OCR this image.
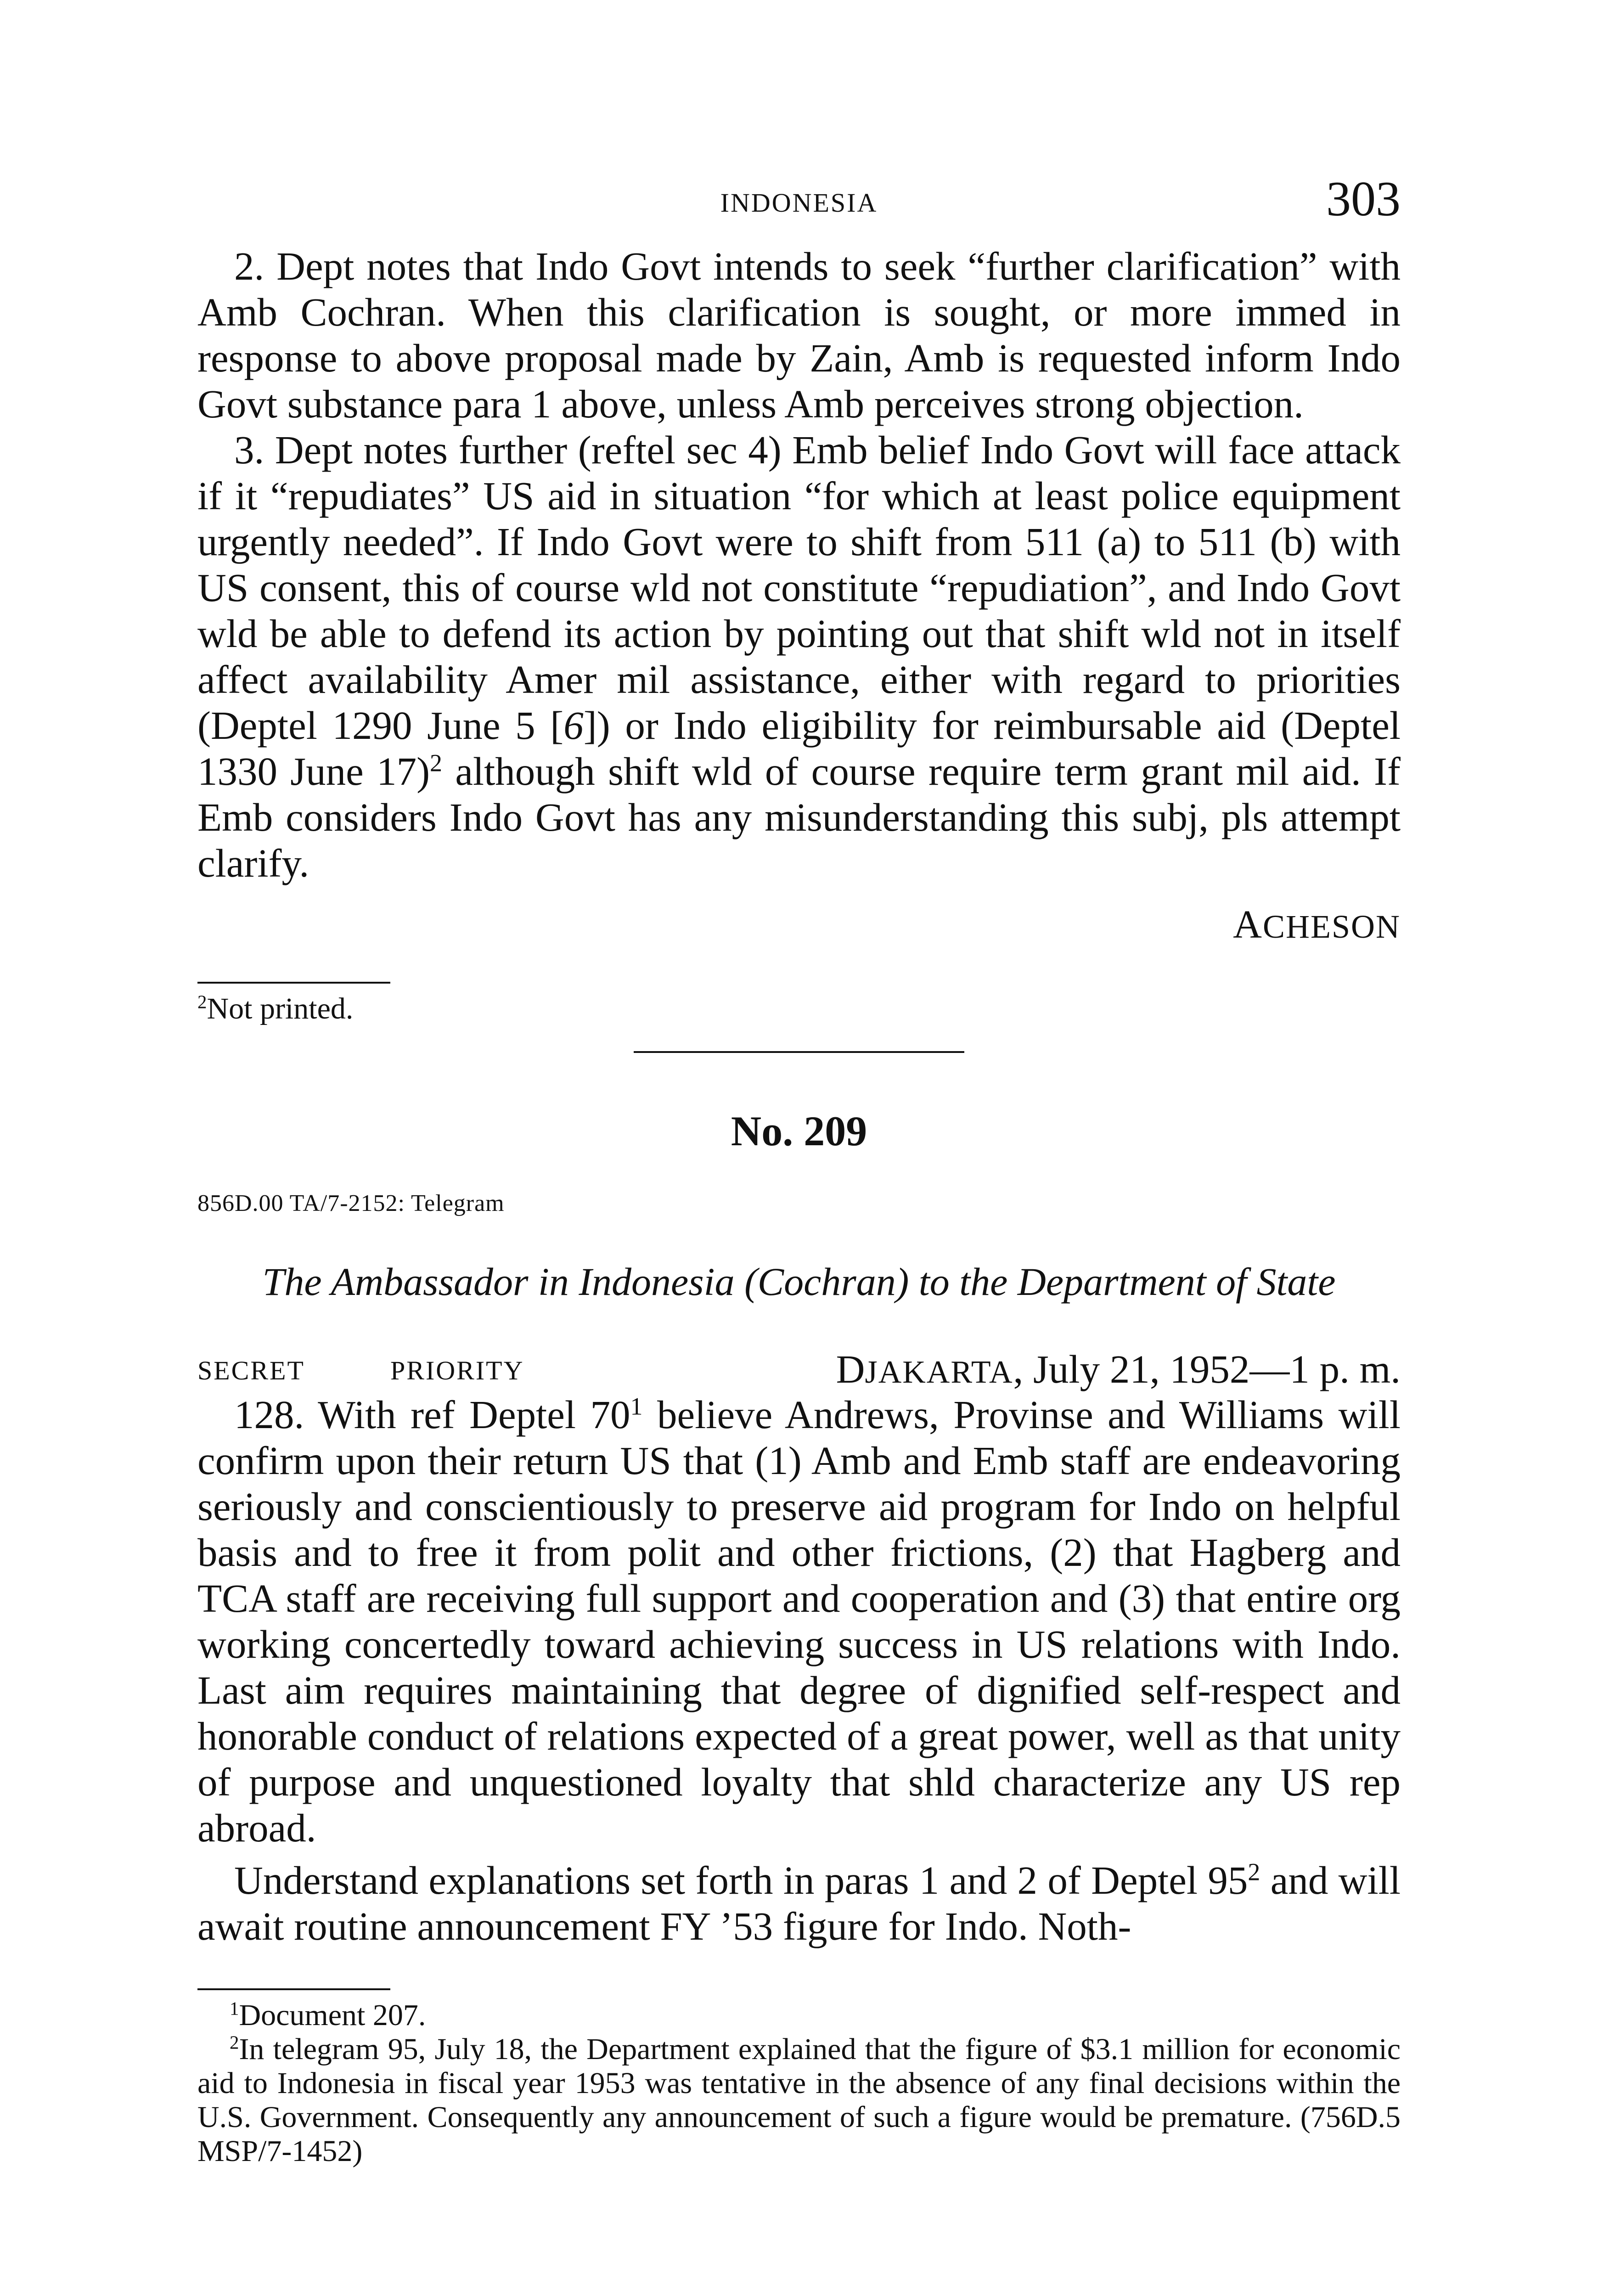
INDONESIA	303

2. Dept notes that Indo Govt intends to seek “further clarification” with Amb Cochran. When this clarification is sought, or more immed in response to above proposal made by Zain, Amb is requested inform Indo Govt substance para 1 above, unless Amb perceives strong objection.

3. Dept notes further (reftel sec 4) Emb belief Indo Govt will face attack if it “repudiates” US aid in situation “for which at least police equipment urgently needed”. If Indo Govt were to shift from 511 (a) to 511 (b) with US consent, this of course wld not constitute “repudiation”, and Indo Govt wld be able to defend its action by pointing out that shift wld not in itself affect availability Amer mil assistance, either with regard to priorities (Deptel 1290 June 5 [6]) or Indo eligibility for reimbursable aid (Deptel 1330 June 17)$^2$ although shift wld of course require term grant mil aid. If Emb considers Indo Govt has any misunderstanding this subj, pls attempt clarify.

ACHESON

$^2$Not printed.

No. 209
856D.00 TA/7-2152: Telegram
The Ambassador in Indonesia (Cochran) to the Department of State
SECRET	PRIORITY	DJAKARTA, July 21, 1952—1 p. m.

128. With ref Deptel $70^1$ believe Andrews, Provinse and Williams will confirm upon their return US that (1) Amb and Emb staff are endeavoring seriously and conscientiously to preserve aid program for Indo on helpful basis and to free it from polit and other frictions, (2) that Hagberg and TCA staff are receiving full support and cooperation and (3) that entire org working concertedly toward achieving success in US relations with Indo. Last aim requires maintaining that degree of dignified self-respect and honorable conduct of relations expected of a great power, well as that unity of purpose and unquestioned loyalty that shld characterize any US rep abroad.

Understand explanations set forth in paras 1 and 2 of Deptel $95^2$ and will await routine announcement FY ’53 figure for Indo. Noth-

$^1$Document 207.

$^2$In telegram 95, July 18, the Department explained that the figure of $3.1 million for economic aid to Indonesia in fiscal year 1953 was tentative in the absence of any final decisions within the U.S. Government. Consequently any announcement of such a figure would be premature. (756D.5 MSP/7-1452)
